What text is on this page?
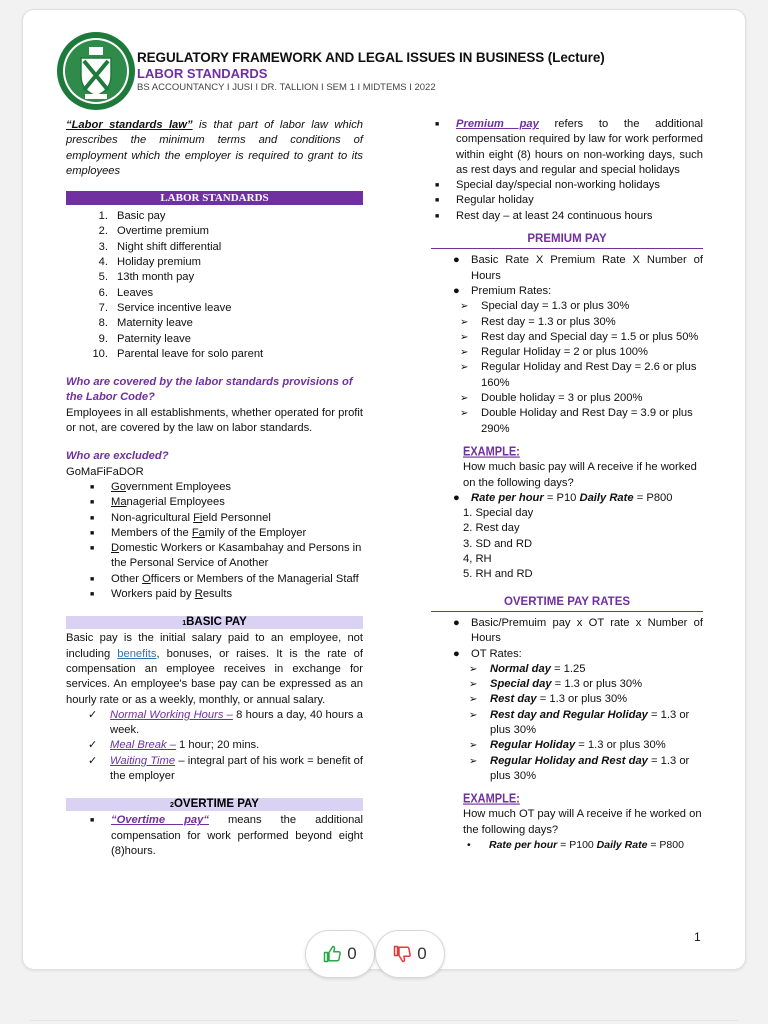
REGULATORY FRAMEWORK AND LEGAL ISSUES IN BUSINESS (Lecture)
LABOR STANDARDS
BS ACCOUNTANCY I JUSI I DR. TALLION I SEM 1 I MIDTEMS I 2022

“Labor standards law” is that part of labor law which prescribes the minimum terms and conditions of employment which the employer is required to grant to its employees

LABOR STANDARDS
1. Basic pay
2. Overtime premium
3. Night shift differential
4. Holiday premium
5. 13th month pay
6. Leaves
7. Service incentive leave
8. Maternity leave
9. Paternity leave
10. Parental leave for solo parent

Who are covered by the labor standards provisions of the Labor Code?

Employees in all establishments, whether operated for profit or not, are covered by the law on labor standards.

Who are excluded?

GoMaFiFaDOR

■	Government Employees
■	Managerial Employees
■	Non-agricultural Field Personnel
■	Members of the Family of the Employer
■	Domestic Workers or Kasambahay and Persons in the Personal Service of Another
■	Other Officers or Members of the Managerial Staff
■	Workers paid by Results
1BASIC PAY

Basic pay is the initial salary paid to an employee, not including benefits, bonuses, or raises. It is the rate of compensation an employee receives in exchange for services. An employee's base pay can be expressed as an hourly rate or as a weekly, monthly, or annual salary.

✓	Normal Working Hours – 8 hours a day, 40 hours a week.
✓	Meal Break – 1 hour; 20 mins.
✓	Waiting Time – integral part of his work = benefit of the employer
2OVERTIME PAY
■	“Overtime pay“ means the additional compensation for work performed beyond eight (8)hours.
■	Premium pay refers to the additional compensation required by law for work performed within eight (8) hours on non-working days, such as rest days and regular and special holidays
■	Special day/special non-working holidays
■	Regular holiday
■	Rest day – at least 24 continuous hours
PREMIUM PAY
●	Basic Rate X Premium Rate X Number of Hours
●	Premium Rates:
➢	Special day = 1.3 or plus 30%
➢	Rest day = 1.3 or plus 30%
➢	Rest day and Special day = 1.5 or plus 50%
➢	Regular Holiday = 2 or plus 100%
➢	Regular Holiday and Rest Day = 2.6 or plus 160%
➢	Double holiday = 3 or plus 200%
➢	Double Holiday and Rest Day = 3.9 or plus 290%
EXAMPLE:

How much basic pay will A receive if he worked on the following days?

●	Rate per hour = P10 Daily Rate = P800
1. Special day
2. Rest day
3. SD and RD
4, RH
5. RH and RD
OVERTIME PAY RATES
●	Basic/Premuim pay x OT rate x Number of Hours
●	OT Rates:
➢	Normal day = 1.25
➢	Special day = 1.3 or plus 30%
➢	Rest day = 1.3 or plus 30%
➢	Rest day and Regular Holiday = 1.3 or plus 30%
➢	Regular Holiday = 1.3 or plus 30%
➢	Regular Holiday and Rest day = 1.3 or plus 30%
EXAMPLE:

How much OT pay will A receive if he worked on the following days?

•	Rate per hour = P100 Daily Rate = P800
1
0	0
